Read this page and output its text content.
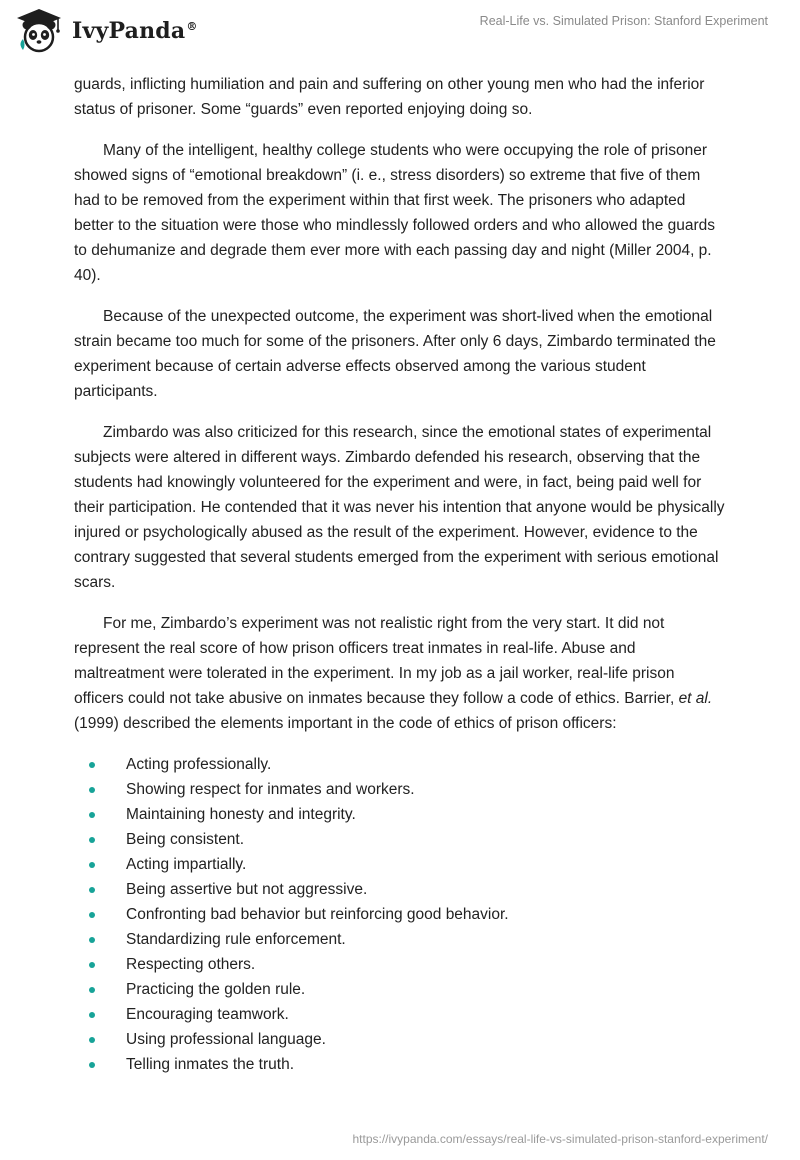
IvyPanda®	Real-Life vs. Simulated Prison: Stanford Experiment

guards, inflicting humiliation and pain and suffering on other young men who had the inferior status of prisoner. Some “guards” even reported enjoying doing so.

Many of the intelligent, healthy college students who were occupying the role of prisoner showed signs of “emotional breakdown” (i. e., stress disorders) so extreme that five of them had to be removed from the experiment within that first week. The prisoners who adapted better to the situation were those who mindlessly followed orders and who allowed the guards to dehumanize and degrade them ever more with each passing day and night (Miller 2004, p. 40).

Because of the unexpected outcome, the experiment was short-lived when the emotional strain became too much for some of the prisoners. After only 6 days, Zimbardo terminated the experiment because of certain adverse effects observed among the various student participants.

Zimbardo was also criticized for this research, since the emotional states of experimental subjects were altered in different ways. Zimbardo defended his research, observing that the students had knowingly volunteered for the experiment and were, in fact, being paid well for their participation. He contended that it was never his intention that anyone would be physically injured or psychologically abused as the result of the experiment. However, evidence to the contrary suggested that several students emerged from the experiment with serious emotional scars.

For me, Zimbardo’s experiment was not realistic right from the very start. It did not represent the real score of how prison officers treat inmates in real-life. Abuse and maltreatment were tolerated in the experiment. In my job as a jail worker, real-life prison officers could not take abusive on inmates because they follow a code of ethics. Barrier, et al. (1999) described the elements important in the code of ethics of prison officers:

Acting professionally.
Showing respect for inmates and workers.
Maintaining honesty and integrity.
Being consistent.
Acting impartially.
Being assertive but not aggressive.
Confronting bad behavior but reinforcing good behavior.
Standardizing rule enforcement.
Respecting others.
Practicing the golden rule.
Encouraging teamwork.
Using professional language.
Telling inmates the truth.
https://ivypanda.com/essays/real-life-vs-simulated-prison-stanford-experiment/
